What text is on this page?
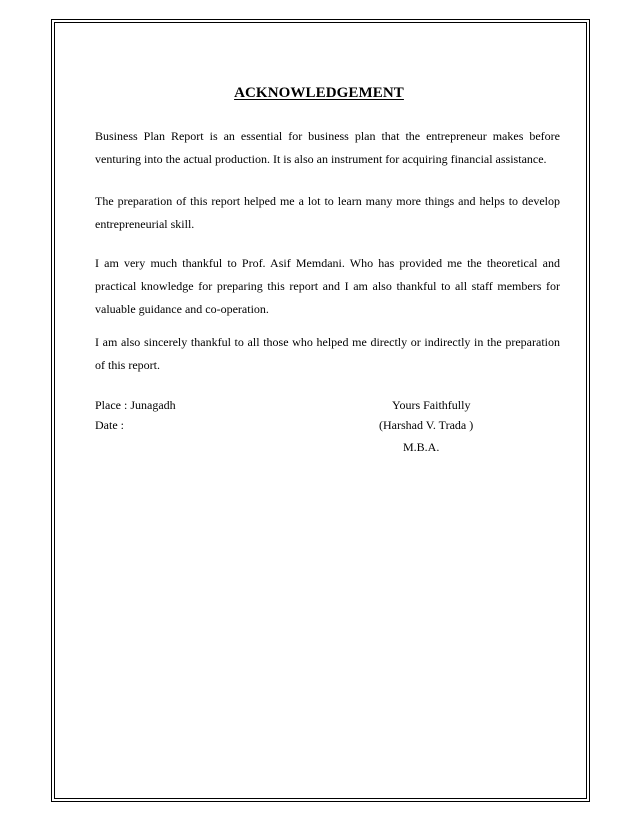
ACKNOWLEDGEMENT

Business Plan Report is an essential for business plan that the entrepreneur makes before venturing into the actual production. It is also an instrument for acquiring financial assistance.

The preparation of this report helped me a lot to learn many more things and helps to develop entrepreneurial skill.

I am very much thankful to Prof. Asif Memdani. Who has provided me the theoretical and practical knowledge for preparing this report and I am also thankful to all staff members for valuable guidance and co-operation.

I am also sincerely thankful to all those who helped me directly or indirectly in the preparation of this report.

Place : Junagadh
Date :
Yours Faithfully
(Harshad V. Trada )
M.B.A.
